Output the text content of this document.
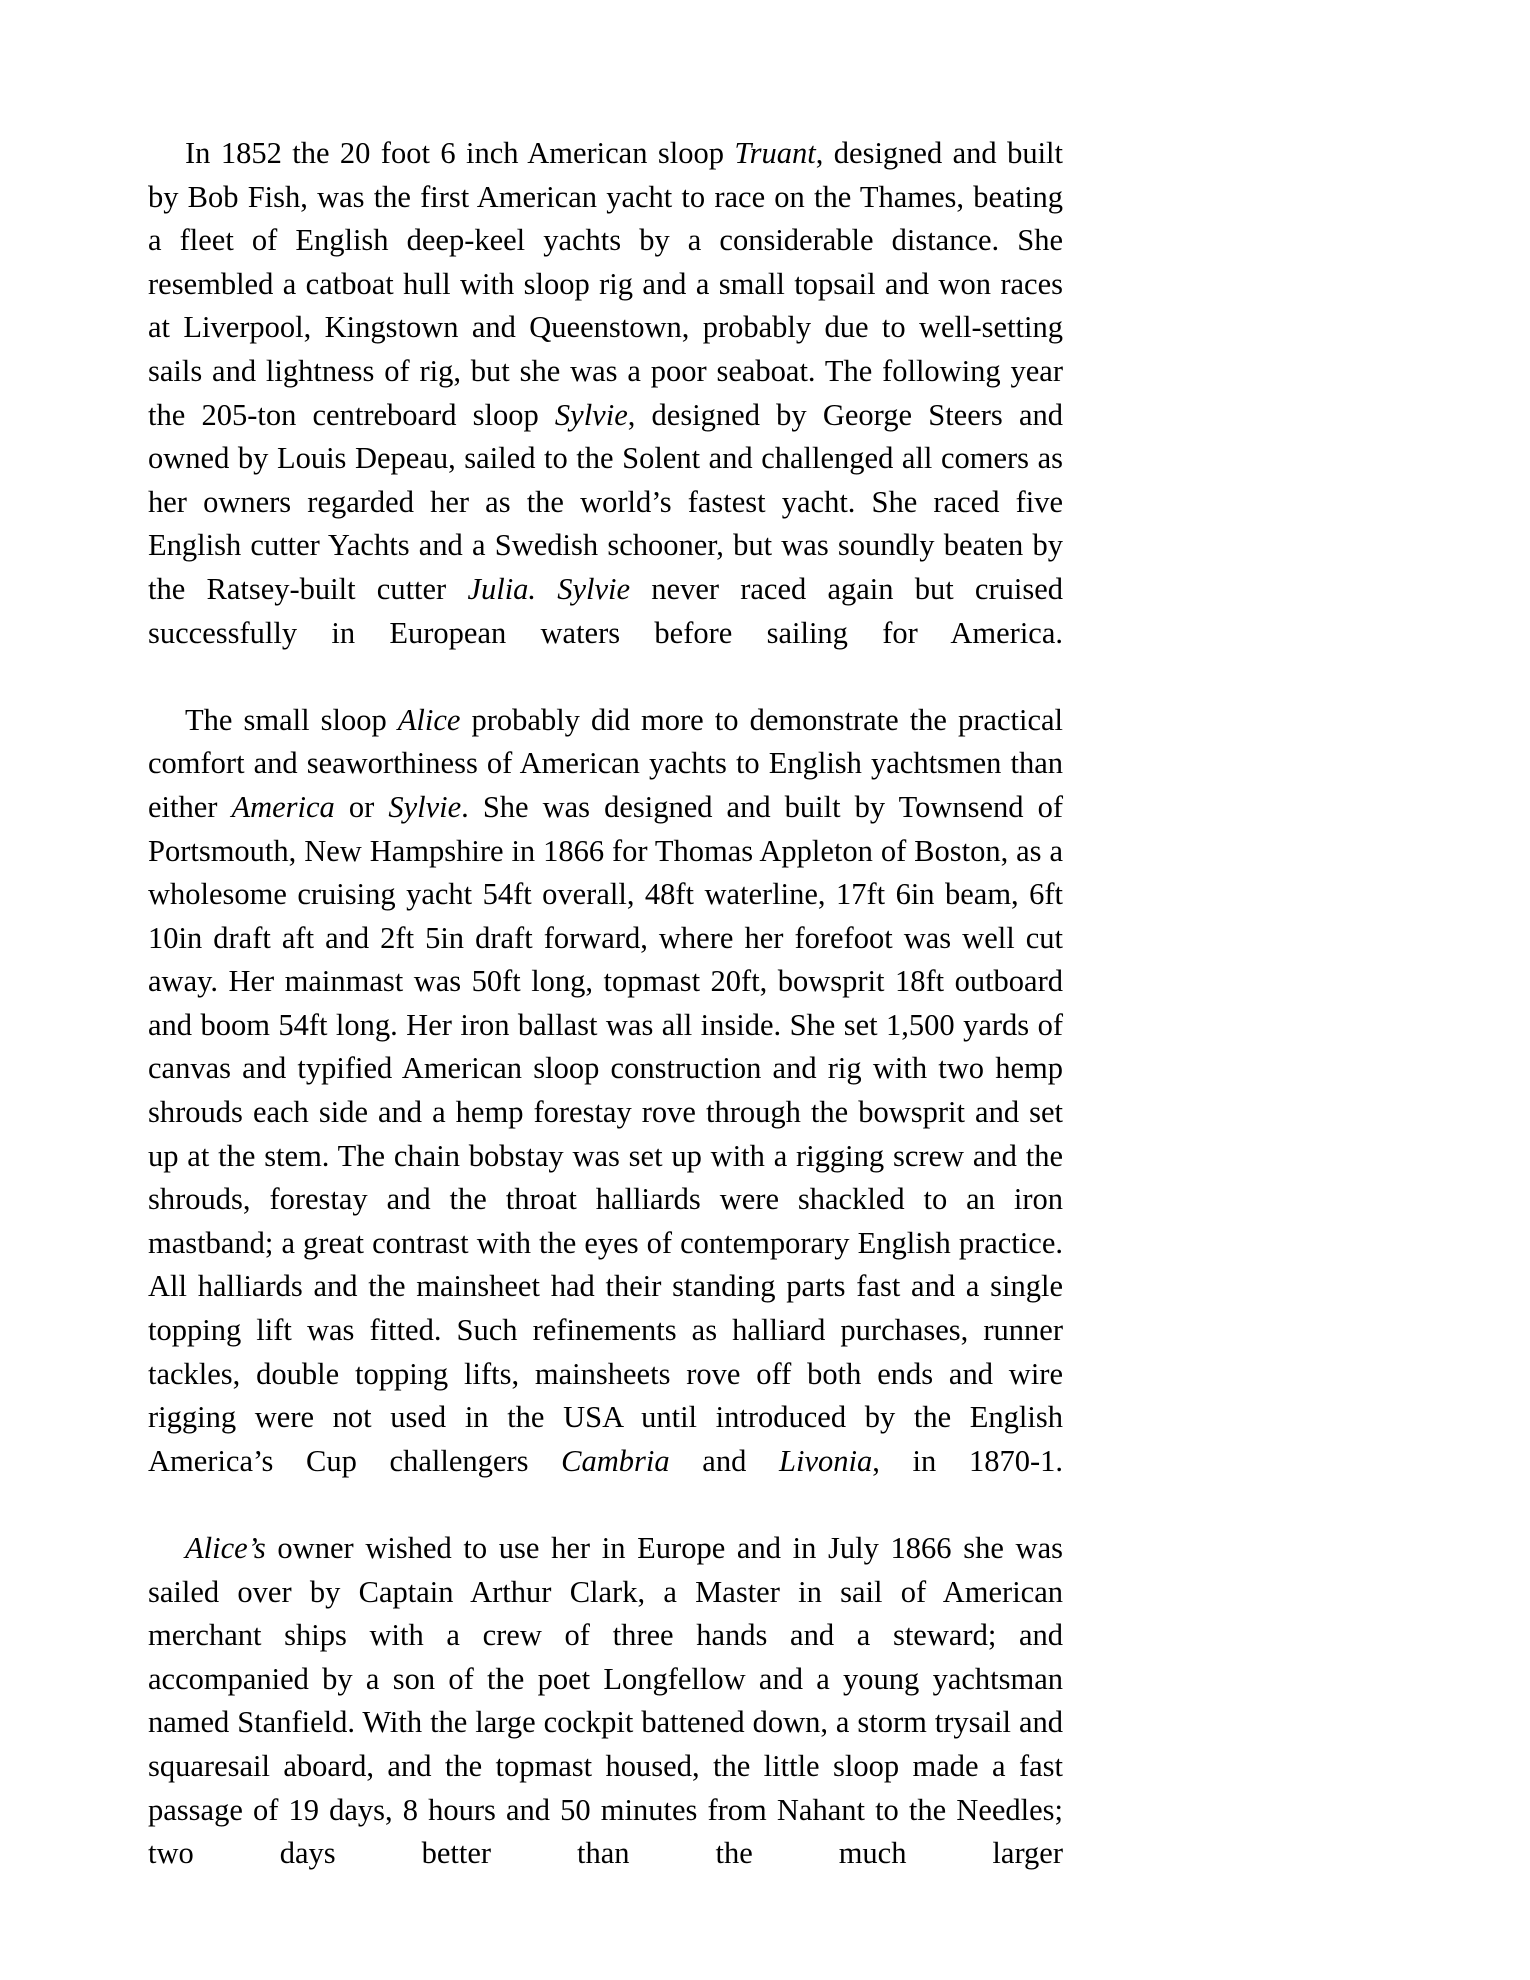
In 1852 the 20 foot 6 inch American sloop Truant, designed and built by Bob Fish, was the first American yacht to race on the Thames, beating a fleet of English deep-keel yachts by a considerable distance. She resembled a catboat hull with sloop rig and a small topsail and won races at Liverpool, Kingstown and Queenstown, probably due to well-setting sails and lightness of rig, but she was a poor seaboat. The following year the 205-ton centreboard sloop Sylvie, designed by George Steers and owned by Louis Depeau, sailed to the Solent and challenged all comers as her owners regarded her as the world’s fastest yacht. She raced five English cutter Yachts and a Swedish schooner, but was soundly beaten by the Ratsey-built cutter Julia. Sylvie never raced again but cruised successfully in European waters before sailing for America.

The small sloop Alice probably did more to demonstrate the practical comfort and seaworthiness of American yachts to English yachtsmen than either America or Sylvie. She was designed and built by Townsend of Portsmouth, New Hampshire in 1866 for Thomas Appleton of Boston, as a wholesome cruising yacht 54ft overall, 48ft waterline, 17ft 6in beam, 6ft 10in draft aft and 2ft 5in draft forward, where her forefoot was well cut away. Her mainmast was 50ft long, topmast 20ft, bowsprit 18ft outboard and boom 54ft long. Her iron ballast was all inside. She set 1,500 yards of canvas and typified American sloop construction and rig with two hemp shrouds each side and a hemp forestay rove through the bowsprit and set up at the stem. The chain bobstay was set up with a rigging screw and the shrouds, forestay and the throat halliards were shackled to an iron mastband; a great contrast with the eyes of contemporary English practice. All halliards and the mainsheet had their standing parts fast and a single topping lift was fitted. Such refinements as halliard purchases, runner tackles, double topping lifts, mainsheets rove off both ends and wire rigging were not used in the USA until introduced by the English America’s Cup challengers Cambria and Livonia, in 1870-1.

Alice’s owner wished to use her in Europe and in July 1866 she was sailed over by Captain Arthur Clark, a Master in sail of American merchant ships with a crew of three hands and a steward; and accompanied by a son of the poet Longfellow and a young yachtsman named Stanfield. With the large cockpit battened down, a storm trysail and squaresail aboard, and the topmast housed, the little sloop made a fast passage of 19 days, 8 hours and 50 minutes from Nahant to the Needles; two days better than the much larger
